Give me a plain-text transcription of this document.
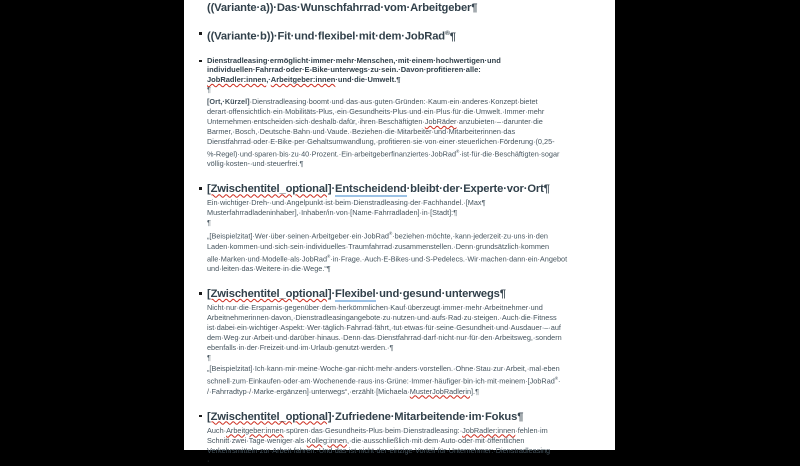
((Variante·a))·Das·Wunschfahrrad·vom·Arbeitgeber¶
((Variante·b))·Fit·und·flexibel·mit·dem·JobRad®¶
Dienstradleasing·ermöglicht·immer·mehr·Menschen,·mit·einem·hochwertigen·und
individuellen·Fahrrad·oder·E-Bike·unterwegs·zu·sein.·Davon·profitieren·alle:
JobRadler:innen,·Arbeitgeber:innen·und·die·Umwelt.¶
¶
[Ort,·Kürzel]·Dienstradleasing·boomt·und·das·aus·guten·Gründen:·Kaum·ein·anderes·Konzept·bietet
derart·offensichtlich·ein·Mobilitäts-Plus,·ein·Gesundheits-Plus·und·ein·Plus·für·die·Umwelt.·Immer·mehr
Unternehmen·entscheiden·sich·deshalb·dafür,·ihren·Beschäftigten·JobRäder·anzubieten·–·darunter·die
Barmer,·Bosch,·Deutsche·Bahn·und·Vaude.·Beziehen·die·Mitarbeiter·und·Mitarbeiterinnen·das
Dienstfahrrad·oder·E-Bike·per·Gehaltsumwandlung,·profitieren·sie·von·einer·steuerlichen·Förderung·(0,25-
%-Regel)·und·sparen·bis·zu·40·Prozent.·Ein·arbeitgeberfinanziertes·JobRad®·ist·für·die·Beschäftigten·sogar
völlig·kosten-·und·steuerfrei.¶
[Zwischentitel_optional]·Entscheidend·bleibt·der·Experte·vor·Ort¶
Ein·wichtiger·Dreh-·und·Angelpunkt·ist·beim·Dienstradleasing·der·Fachhandel.·[Max¶
Musterfahrradladeninhaber],·Inhaber/in·von·[Name·Fahrradladen]·in·[Stadt]:¶
¶
„[Beispielzitat]·Wer·über·seinen·Arbeitgeber·ein·JobRad®·beziehen·möchte,·kann·jederzeit·zu·uns·in·den
Laden·kommen·und·sich·sein·individuelles·Traumfahrrad·zusammenstellen.·Denn·grundsätzlich·kommen
alle·Marken·und·Modelle·als·JobRad®·in·Frage.·Auch·E-Bikes·und·S-Pedelecs.·Wir·machen·dann·ein·Angebot
und·leiten·das·Weitere·in·die·Wege.“¶
[Zwischentitel_optional]·Flexibel·und·gesund·unterwegs¶
Nicht·nur·die·Ersparnis·gegenüber·dem·herkömmlichen·Kauf·überzeugt·immer·mehr·Arbeitnehmer·und
Arbeitnehmerinnen·davon,·Dienstradleasingangebote·zu·nutzen·und·aufs·Rad·zu·steigen.·Auch·die·Fitness
ist·dabei·ein·wichtiger·Aspekt:·Wer·täglich·Fahrrad·fährt,·tut·etwas·für·seine·Gesundheit·und·Ausdauer·–·auf
dem·Weg·zur·Arbeit·und·darüber·hinaus.·Denn·das·Dienstfahrrad·darf·nicht·nur·für·den·Arbeitsweg,·sondern
ebenfalls·in·der·Freizeit·und·im·Urlaub·genutzt·werden.·¶
¶
„[Beispielzitat]·Ich·kann·mir·meine·Woche·gar·nicht·mehr·anders·vorstellen.·Ohne·Stau·zur·Arbeit,·mal·eben
schnell·zum·Einkaufen·oder·am·Wochenende·raus·ins·Grüne:·Immer·häufiger·bin·ich·mit·meinem·[JobRad®·
/·Fahrradtyp·/·Marke·ergänzen]·unterwegs“,·erzählt·[Michaela·MusterJobRadlerin].¶
[Zwischentitel_optional]·Zufriedene·Mitarbeitende·im·Fokus¶
Auch·Arbeitgeber:innen·spüren·das·Gesundheits-Plus·beim·Dienstradleasing:·JobRadler:innen·fehlen·im
Schnitt·zwei·Tage·weniger·als·Kolleg:innen,·die·ausschließlich·mit·dem·Auto·oder·mit·öffentlichen
Verkehrsmitteln·zur·Arbeit·fahren.·Und·das·ist·nicht·der·einzige·Vorteil·für·Unternehmer:·Dienstradleasing
·
